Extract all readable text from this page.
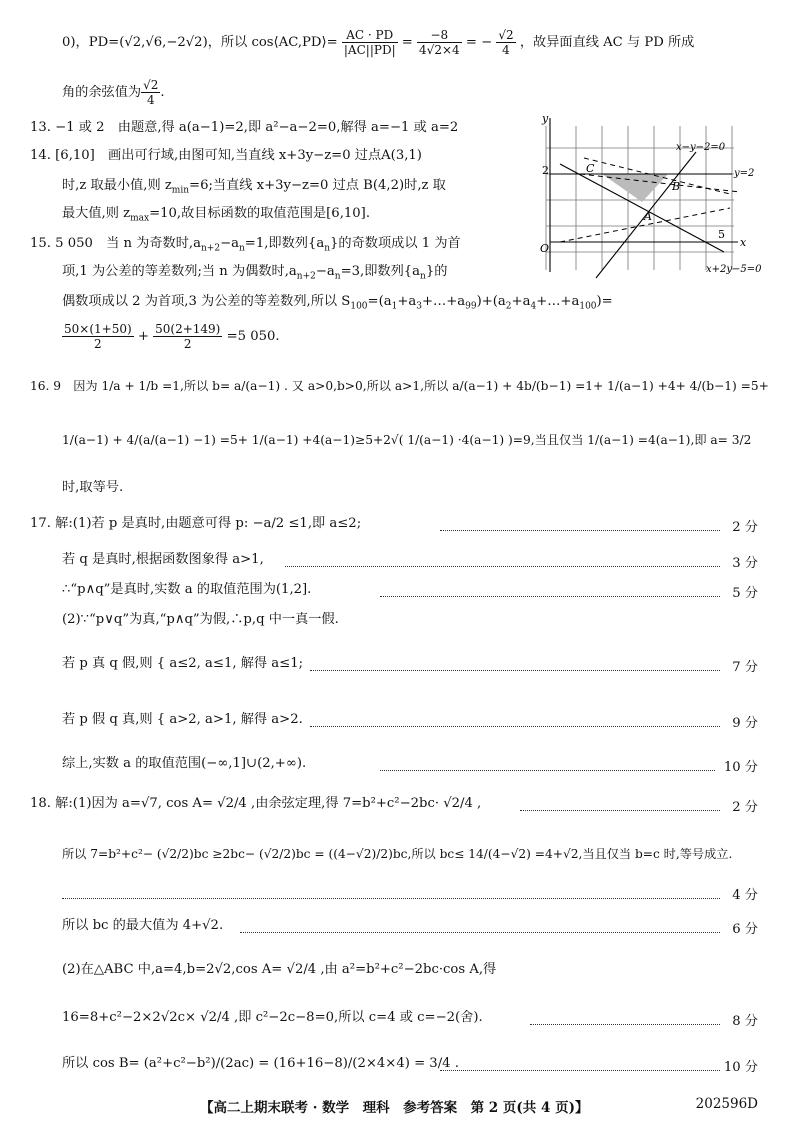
0)，PD=(√2,√6,−2√2)，所以 cos⟨AC,PD⟩= $\frac{AC \cdot PD}{|AC||PD|} = \frac{-8}{4√2\times 4}$ = − $\frac{√2}{4}$ ，故异面直线 AC 与 PD 所成
角的余弦值为 $\frac{√2}{4}$ .
13. −1 或 2　由题意,得 a(a−1)=2,即 a²−a−2=0,解得 a=−1 或 a=2
14. [6,10]　画出可行域,由图可知,当直线 x+3y−z=0 过点A(3,1)
时,z 取最小值,则 $z_{min}=6$;当直线 x+3y−z=0 过点 B(4,2)时,z 取
最大值,则 $z_{max}=10$,故目标函数的取值范围是[6,10].
15. 5 050　当 n 为奇数时$,a_{n+2}-a_n=1$,即数列$\{a_n\}$的奇数项成以 1 为首
项,1 为公差的等差数列;当 n 为偶数时$,a_{n+2}-a_n=3$,即数列$\{a_n\}$的
偶数项成以 2 为首项,3 为公差的等差数列,所以 $S_{100}=(a_1+a_3+\dots+a_{99})+(a_2+a_4+\dots+a_{100})=$
$\frac{50\times(1+50)}{2} + \frac{50(2+149)}{2} =5$ 050.
16. 9　因为 1/a + 1/b =1,所以 b= a/(a−1) . 又 a>0,b>0,所以 a>1,所以 a/(a−1) + 4b/(b−1) =1+ 1/(a−1) +4+ 4/(b−1) =5+
1/(a−1) + 4/(a/(a−1) −1) =5+ 1/(a−1) +4(a−1)≥5+2√( 1/(a−1) ·4(a−1) )=9,当且仅当 1/(a−1) =4(a−1),即 a= 3/2
时,取等号.
17. 解:(1)若 p 是真时,由题意可得 p: −a/2 ≤1,即 a≤2;	2 分
若 q 是真时,根据函数图象得 a>1,	3 分
∴“p∧q”是真时,实数 a 的取值范围为(1,2].	5 分
(2)∵“p∨q”为真,“p∧q”为假,∴p,q 中一真一假.
若 p 真 q 假,则 { a≤2, a≤1, 解得 a≤1;	7 分
若 p 假 q 真,则 { a>2, a>1, 解得 a>2.	9 分
综上,实数 a 的取值范围(−∞,1]∪(2,+∞).	10 分
18. 解:(1)因为 a=√7, cos A= √2/4 ,由余弦定理,得 7=b²+c²−2bc· √2/4 ,	2 分
所以 7=b²+c²− (√2/2)bc ≥2bc− (√2/2)bc = ((4−√2)/2)bc,所以 bc≤ 14/(4−√2) =4+√2,当且仅当 b=c 时,等号成立.
4 分
所以 bc 的最大值为 4+√2.	6 分
(2)在△ABC 中,a=4,b=2√2,cos A= √2/4 ,由 a²=b²+c²−2bc·cos A,得
16=8+c²−2×2√2c× √2/4 ,即 c²−2c−8=0,所以 c=4 或 c=−2(舍).	8 分
所以 cos B= (a²+c²−b²)/(2ac) = (16+16−8)/(2×4×4) = 3/4 .	10 分
y
x
O
5
2	C
B
A
x−y−2=0
y=2
x+2y−5=0
【高二上期末联考 · 数学　理科　参考答案　第 2 页(共 4 页)】	202596D
